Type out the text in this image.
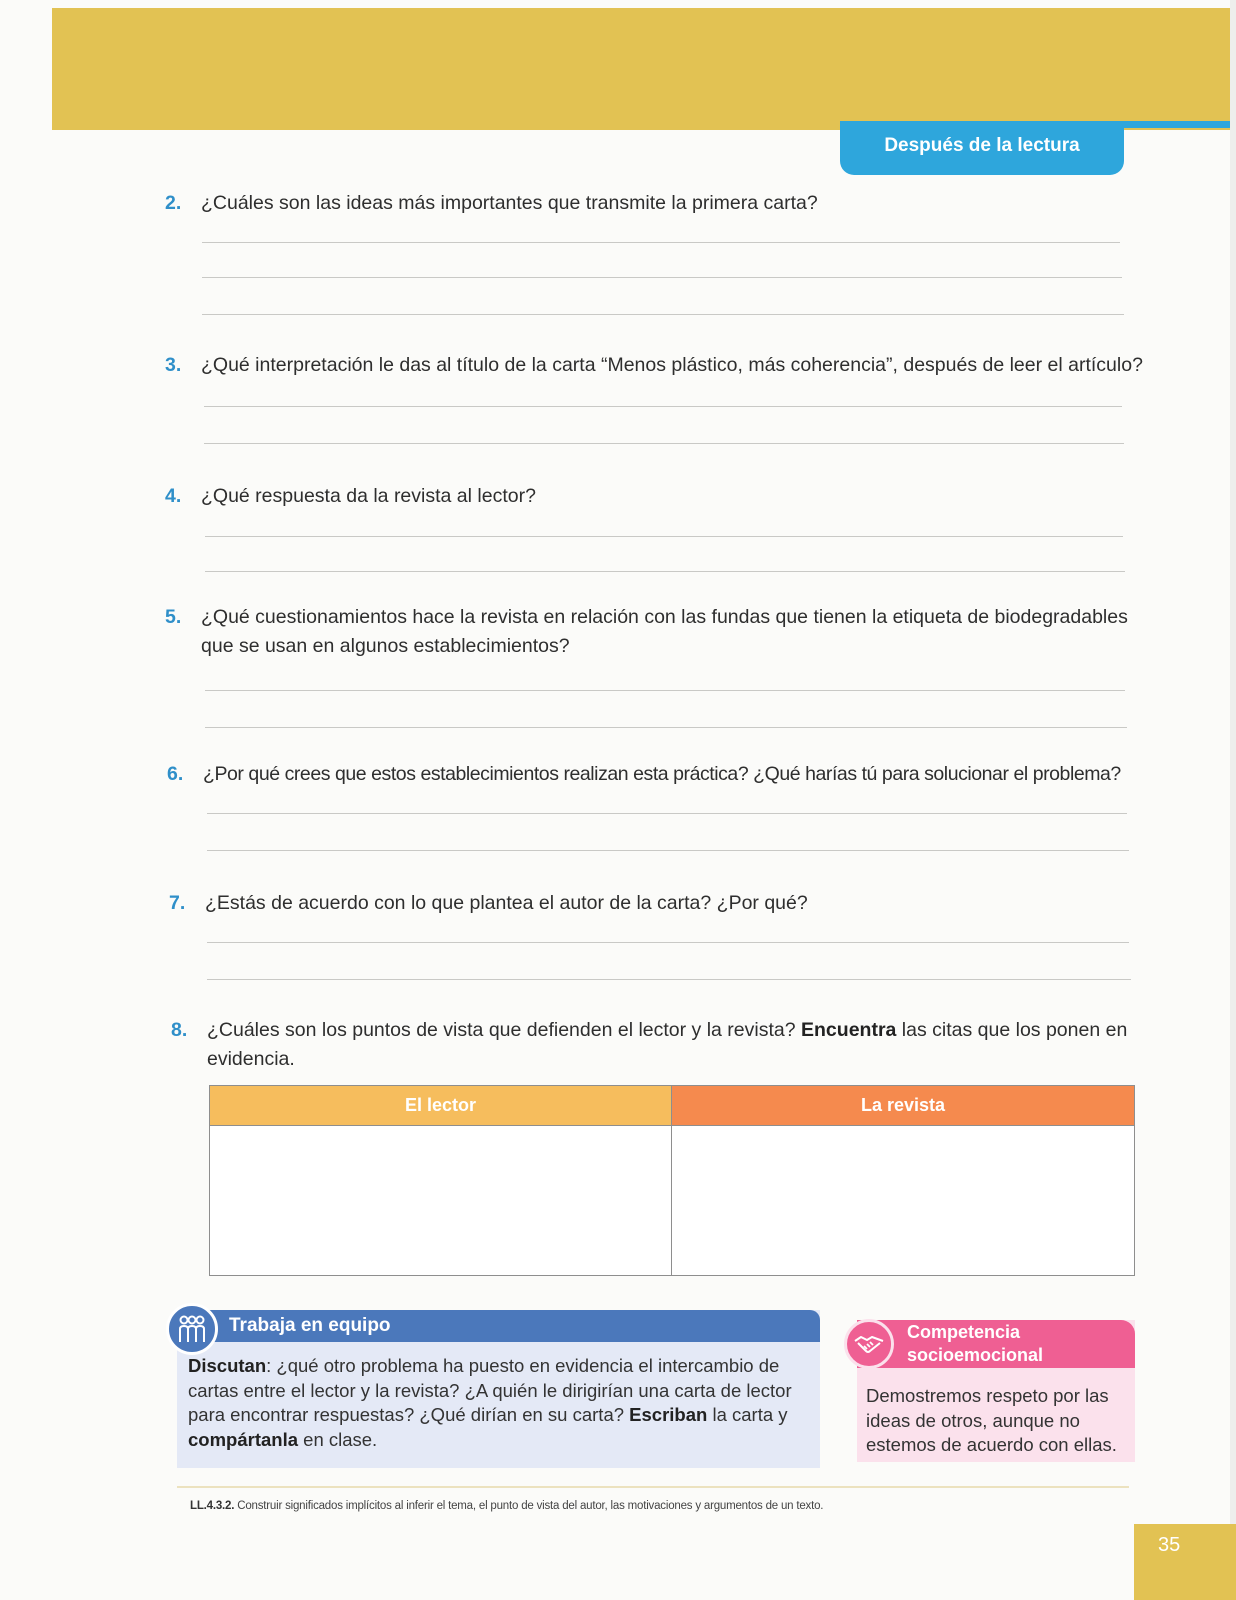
Después de la lectura
2. ¿Cuáles son las ideas más importantes que transmite la primera carta?
3. ¿Qué interpretación le das al título de la carta “Menos plástico, más coherencia”, después de leer el artículo?
4. ¿Qué respuesta da la revista al lector?
5. ¿Qué cuestionamientos hace la revista en relación con las fundas que tienen la etiqueta de biodegradables que se usan en algunos establecimientos?
6. ¿Por qué crees que estos establecimientos realizan esta práctica? ¿Qué harías tú para solucionar el problema?
7. ¿Estás de acuerdo con lo que plantea el autor de la carta? ¿Por qué?
8. ¿Cuáles son los puntos de vista que defienden el lector y la revista? Encuentra las citas que los ponen en evidencia.
El lector	La revista
Trabaja en equipo
Discutan: ¿qué otro problema ha puesto en evidencia el intercambio de cartas entre el lector y la revista? ¿A quién le dirigirían una carta de lector para encontrar respuestas? ¿Qué dirían en su carta? Escriban la carta y compártanla en clase.
Competencia socioemocional
Demostremos respeto por las ideas de otros, aunque no estemos de acuerdo con ellas.
LL.4.3.2. Construir significados implícitos al inferir el tema, el punto de vista del autor, las motivaciones y argumentos de un texto.
35
